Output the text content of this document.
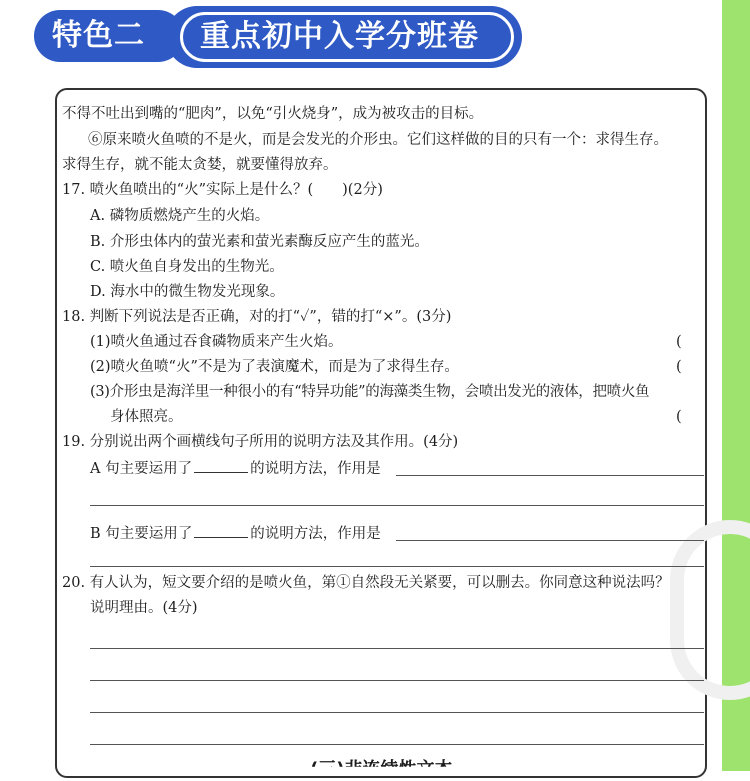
特色二 重点初中入学分班卷
不得不吐出到嘴的“肥肉”，以免“引火烧身”，成为被攻击的目标。
⑥原来喷火鱼喷的不是火，而是会发光的介形虫。它们这样做的目的只有一个：求得生存。
求得生存，就不能太贪婪，就要懂得放弃。
17. 喷火鱼喷出的“火”实际上是什么？(　　)(2分)
A. 磷物质燃烧产生的火焰。
B. 介形虫体内的萤光素和萤光素酶反应产生的蓝光。
C. 喷火鱼自身发出的生物光。
D. 海水中的微生物发光现象。
18. 判断下列说法是否正确，对的打“✓”，错的打“×”。(3分)
(1)喷火鱼通过吞食磷物质来产生火焰。	(
(2)喷火鱼喷“火”不是为了表演魔术，而是为了求得生存。	(
(3)介形虫是海洋里一种很小的有“特异功能”的海藻类生物，会喷出发光的液体，把喷火鱼
身体照亮。	(
19. 分别说出两个画横线句子所用的说明方法及其作用。(4分)
A 句主要运用了	的说明方法，作用是
B 句主要运用了	的说明方法，作用是
20. 有人认为，短文要介绍的是喷火鱼，第①自然段无关紧要，可以删去。你同意这种说法吗？
说明理由。(4分)
